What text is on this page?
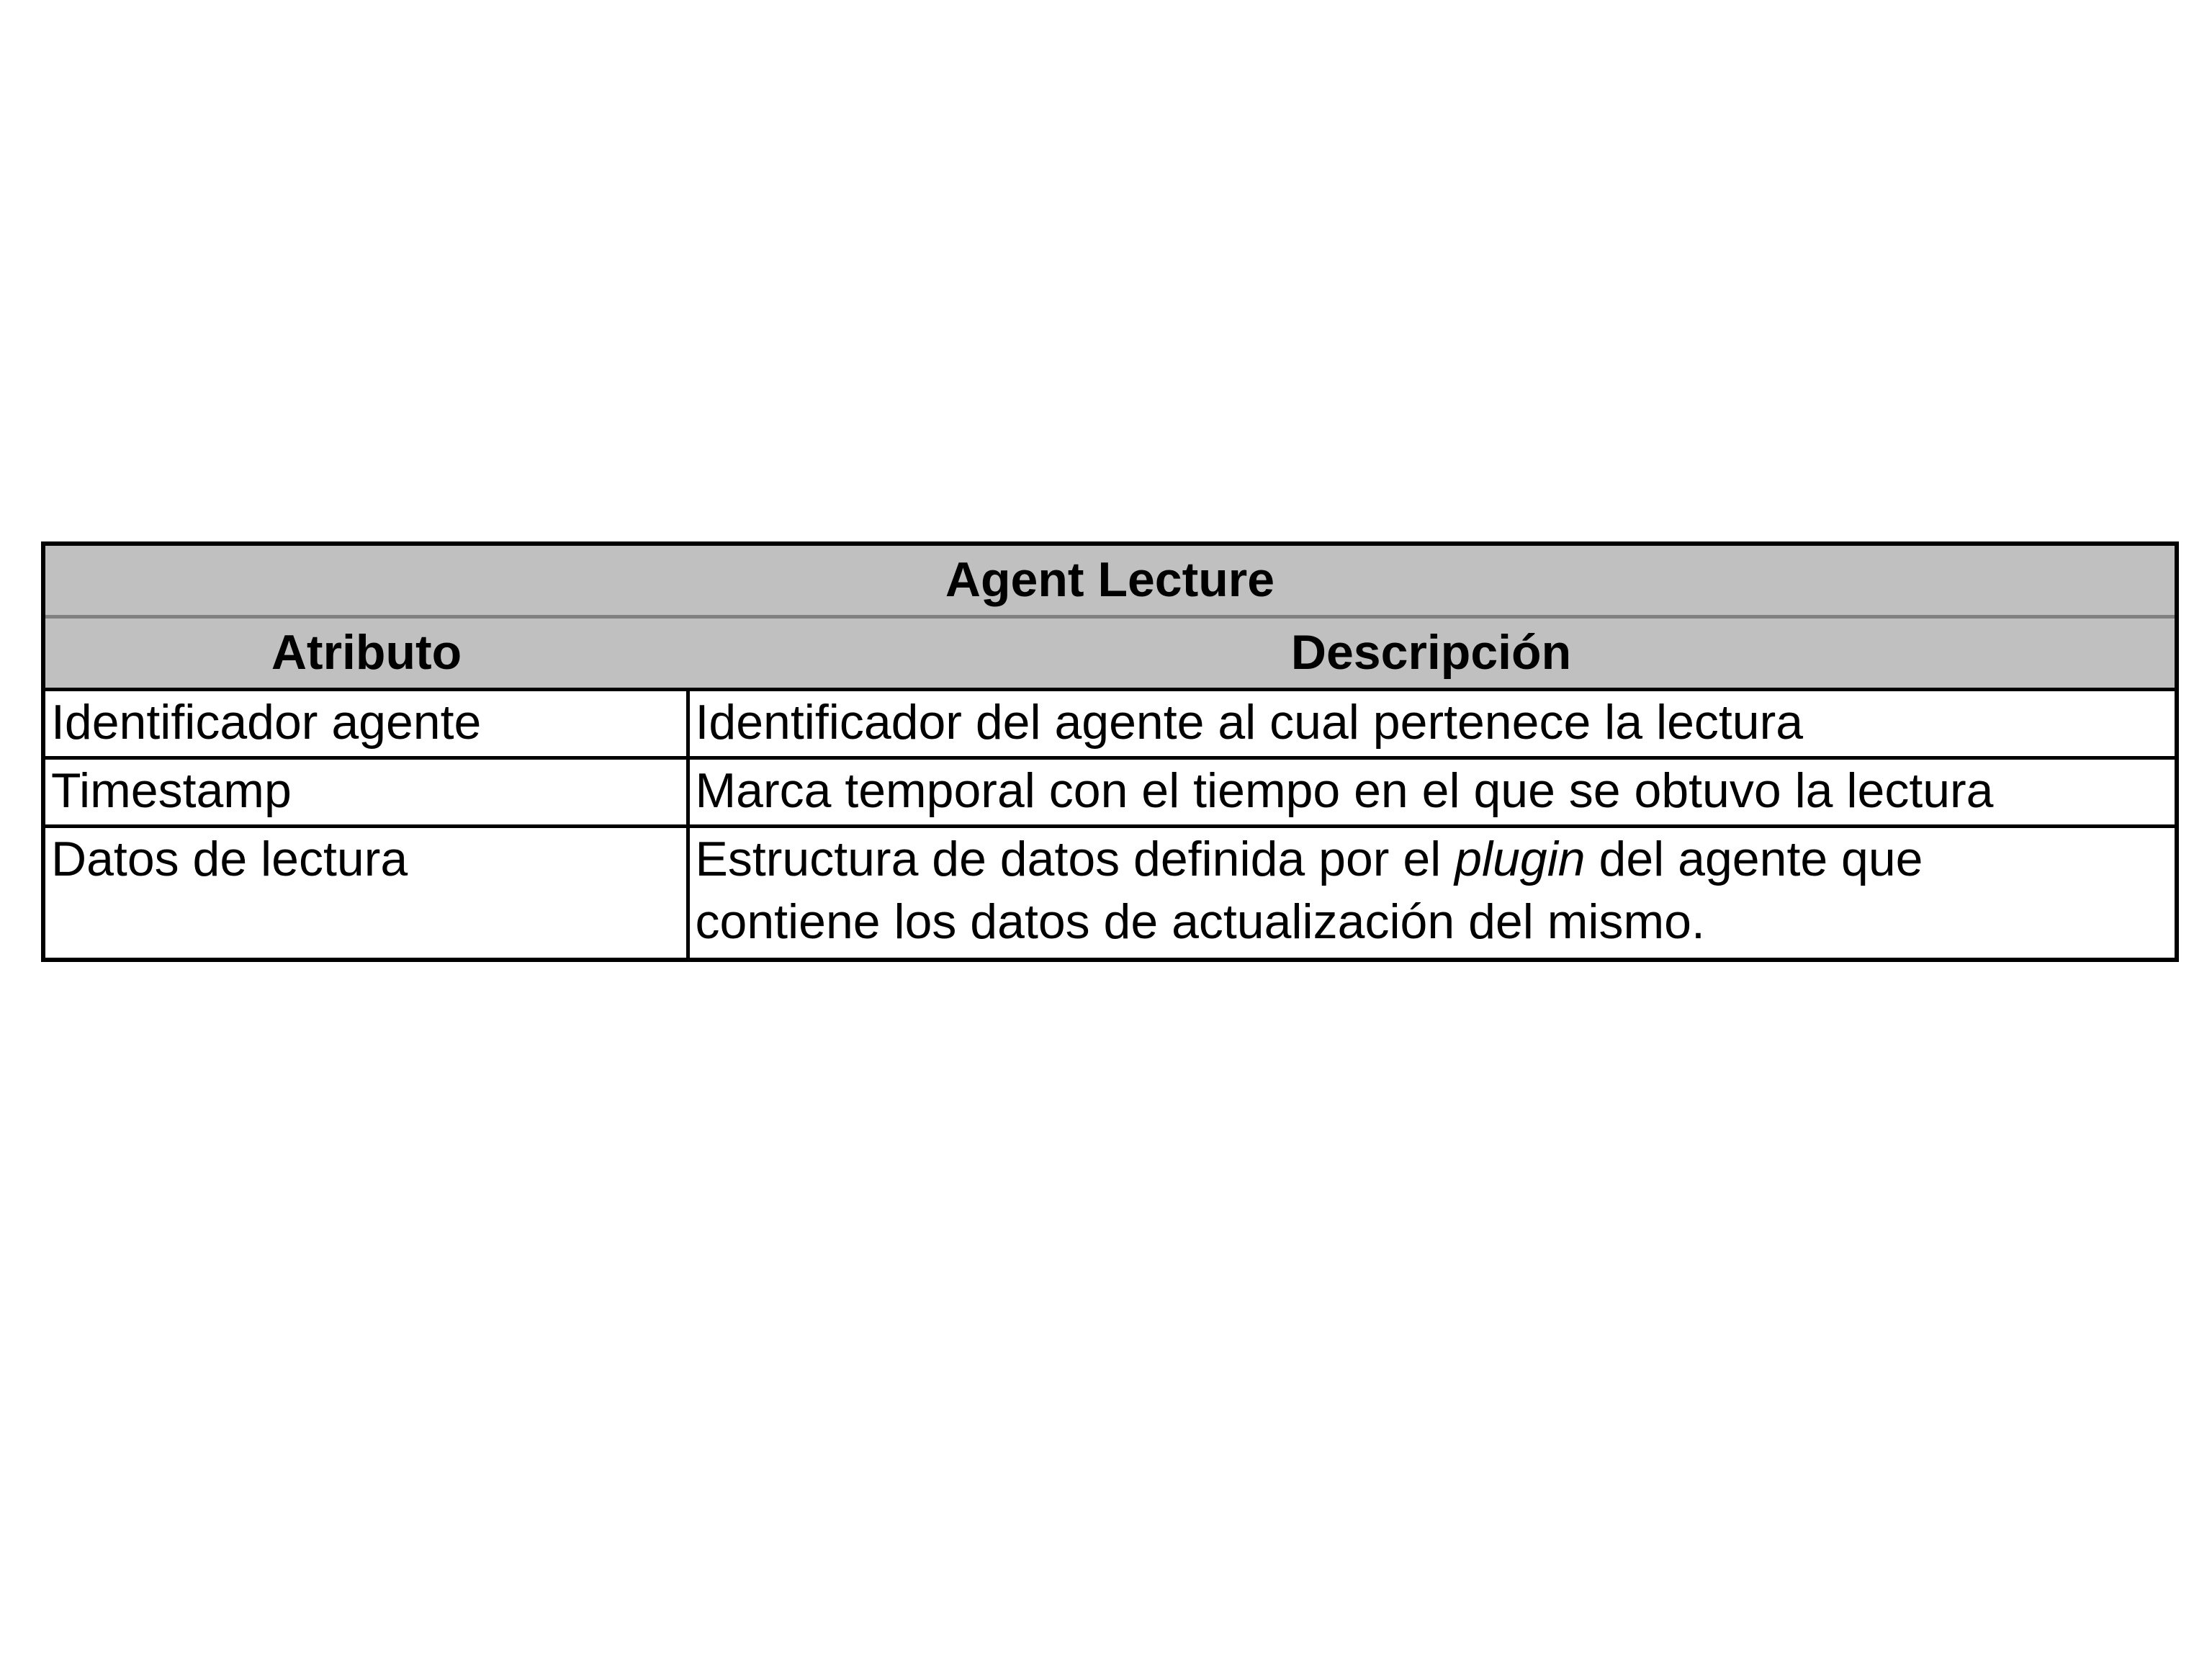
Agent Lecture	
Atributo	Descripción
Identificador agente	Identificador del agente al cual pertenece la lectura
Timestamp	Marca temporal con el tiempo en el que se obtuvo la lectura
Datos de lectura	Estructura de datos definida por el plugin del agente que
contiene los datos de actualización del mismo.
